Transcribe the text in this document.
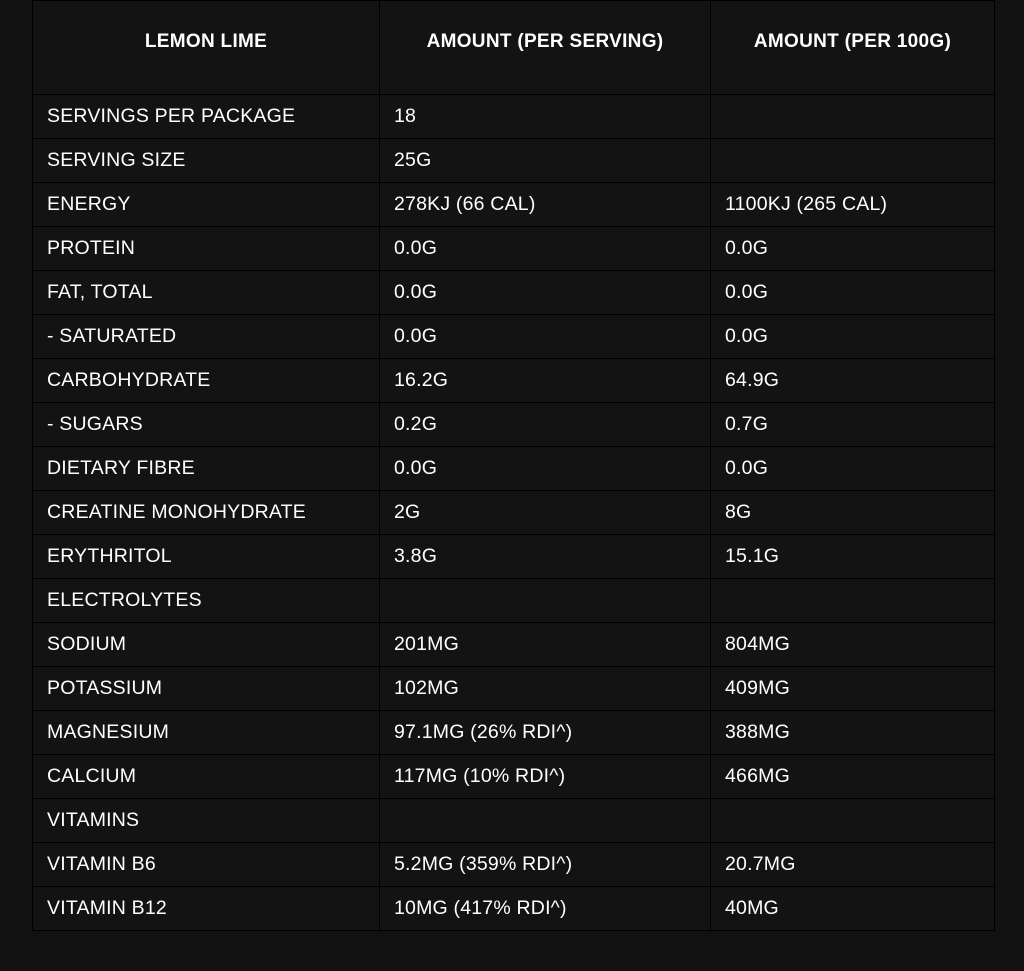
LEMON LIME	AMOUNT (PER SERVING)	AMOUNT (PER 100G)
SERVINGS PER PACKAGE	18	
SERVING SIZE	25G	
ENERGY	278KJ (66 CAL)	1100KJ (265 CAL)
PROTEIN	0.0G	0.0G
FAT, TOTAL	0.0G	0.0G
- SATURATED	0.0G	0.0G
CARBOHYDRATE	16.2G	64.9G
- SUGARS	0.2G	0.7G
DIETARY FIBRE	0.0G	0.0G
CREATINE MONOHYDRATE	2G	8G
ERYTHRITOL	3.8G	15.1G
ELECTROLYTES		
SODIUM	201MG	804MG
POTASSIUM	102MG	409MG
MAGNESIUM	97.1MG (26% RDI^)	388MG
CALCIUM	117MG (10% RDI^)	466MG
VITAMINS		
VITAMIN B6	5.2MG (359% RDI^)	20.7MG
VITAMIN B12	10MG (417% RDI^)	40MG
